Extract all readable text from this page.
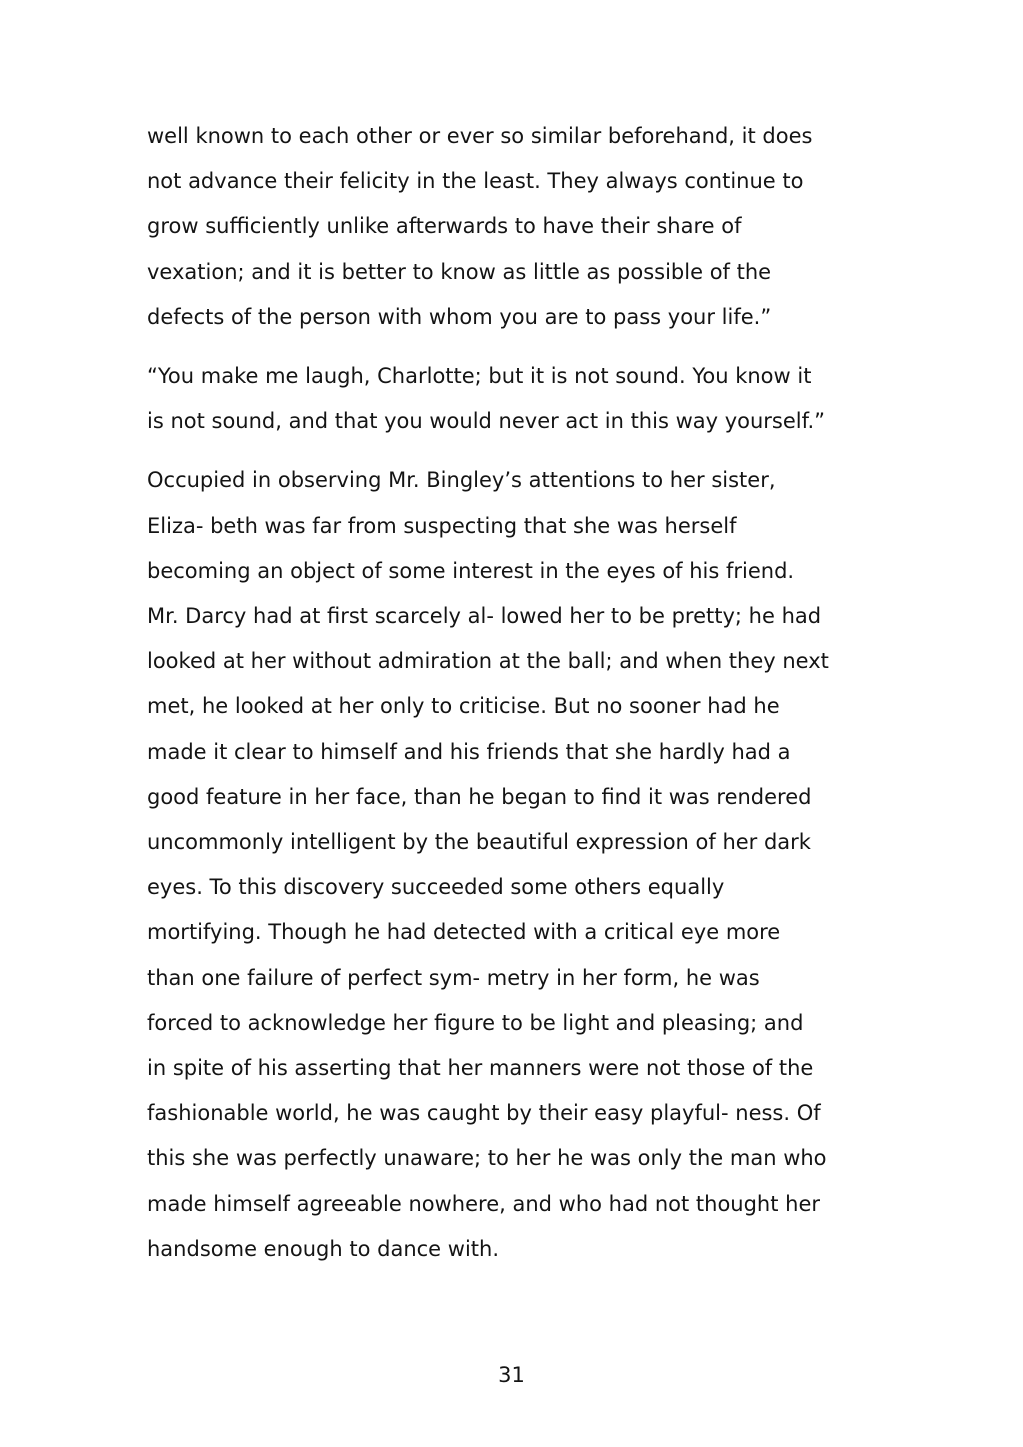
well known to each other or ever so similar beforehand, it does
not advance their felicity in the least. They always continue to
grow sufficiently unlike afterwards to have their share of
vexation; and it is better to know as little as possible of the
defects of the person with whom you are to pass your life.”

“You make me laugh, Charlotte; but it is not sound. You know it
is not sound, and that you would never act in this way yourself.”

Occupied in observing Mr. Bingley’s attentions to her sister,
Eliza- beth was far from suspecting that she was herself
becoming an object of some interest in the eyes of his friend.
Mr. Darcy had at first scarcely al- lowed her to be pretty; he had
looked at her without admiration at the ball; and when they next
met, he looked at her only to criticise. But no sooner had he
made it clear to himself and his friends that she hardly had a
good feature in her face, than he began to find it was rendered
uncommonly intelligent by the beautiful expression of her dark
eyes. To this discovery succeeded some others equally
mortifying. Though he had detected with a critical eye more
than one failure of perfect sym- metry in her form, he was
forced to acknowledge her figure to be light and pleasing; and
in spite of his asserting that her manners were not those of the
fashionable world, he was caught by their easy playful- ness. Of
this she was perfectly unaware; to her he was only the man who
made himself agreeable nowhere, and who had not thought her
handsome enough to dance with.

31
